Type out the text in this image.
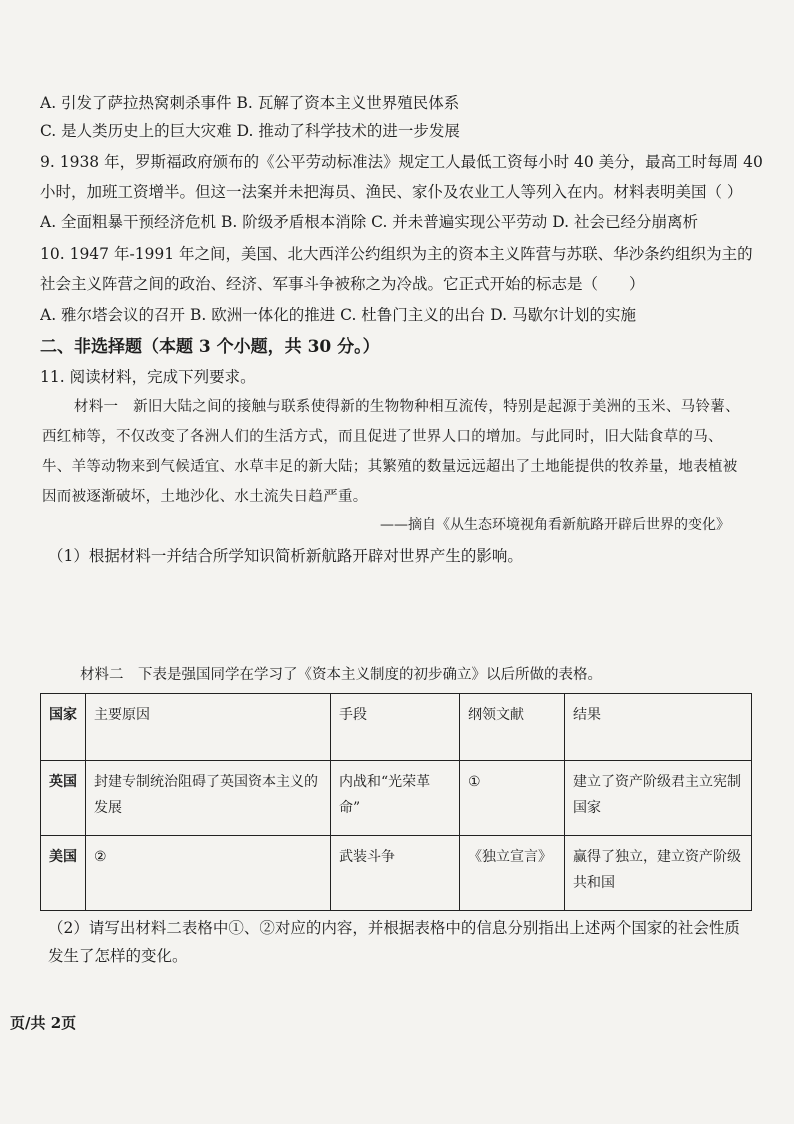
A. 引发了萨拉热窝刺杀事件 B. 瓦解了资本主义世界殖民体系
C. 是人类历史上的巨大灾难 D. 推动了科学技术的进一步发展
9. 1938 年，罗斯福政府颁布的《公平劳动标准法》规定工人最低工资每小时 40 美分，最高工时每周 40
小时，加班工资增半。但这一法案并未把海员、渔民、家仆及农业工人等列入在内。材料表明美国（ ）
A. 全面粗暴干预经济危机 B. 阶级矛盾根本消除 C. 并未普遍实现公平劳动 D. 社会已经分崩离析
10. 1947 年-1991 年之间，美国、北大西洋公约组织为主的资本主义阵营与苏联、华沙条约组织为主的
社会主义阵营之间的政治、经济、军事斗争被称之为冷战。它正式开始的标志是（　　）
A. 雅尔塔会议的召开 B. 欧洲一体化的推进 C. 杜鲁门主义的出台 D. 马歇尔计划的实施
二、非选择题（本题 3 个小题，共 30 分。）
11. 阅读材料，完成下列要求。

材料一　新旧大陆之间的接触与联系使得新的生物物种相互流传，特别是起源于美洲的玉米、马铃薯、西红柿等，不仅改变了各洲人们的生活方式，而且促进了世界人口的增加。与此同时，旧大陆食草的马、牛、羊等动物来到气候适宜、水草丰足的新大陆；其繁殖的数量远远超出了土地能提供的牧养量，地表植被因而被逐渐破坏，土地沙化、水土流失日趋严重。

——摘自《从生态环境视角看新航路开辟后世界的变化》
（1）根据材料一并结合所学知识简析新航路开辟对世界产生的影响。
材料二　下表是强国同学在学习了《资本主义制度的初步确立》以后所做的表格。
国家	主要原因	手段	纲领文献	结果
英国	封建专制统治阻碍了英国资本主义的发展	内战和“光荣革命”	①	建立了资产阶级君主立宪制国家
美国	②	武装斗争	《独立宣言》	赢得了独立，建立资产阶级共和国
（2）请写出材料二表格中①、②对应的内容，并根据表格中的信息分别指出上述两个国家的社会性质
发生了怎样的变化。
页/共 2页
